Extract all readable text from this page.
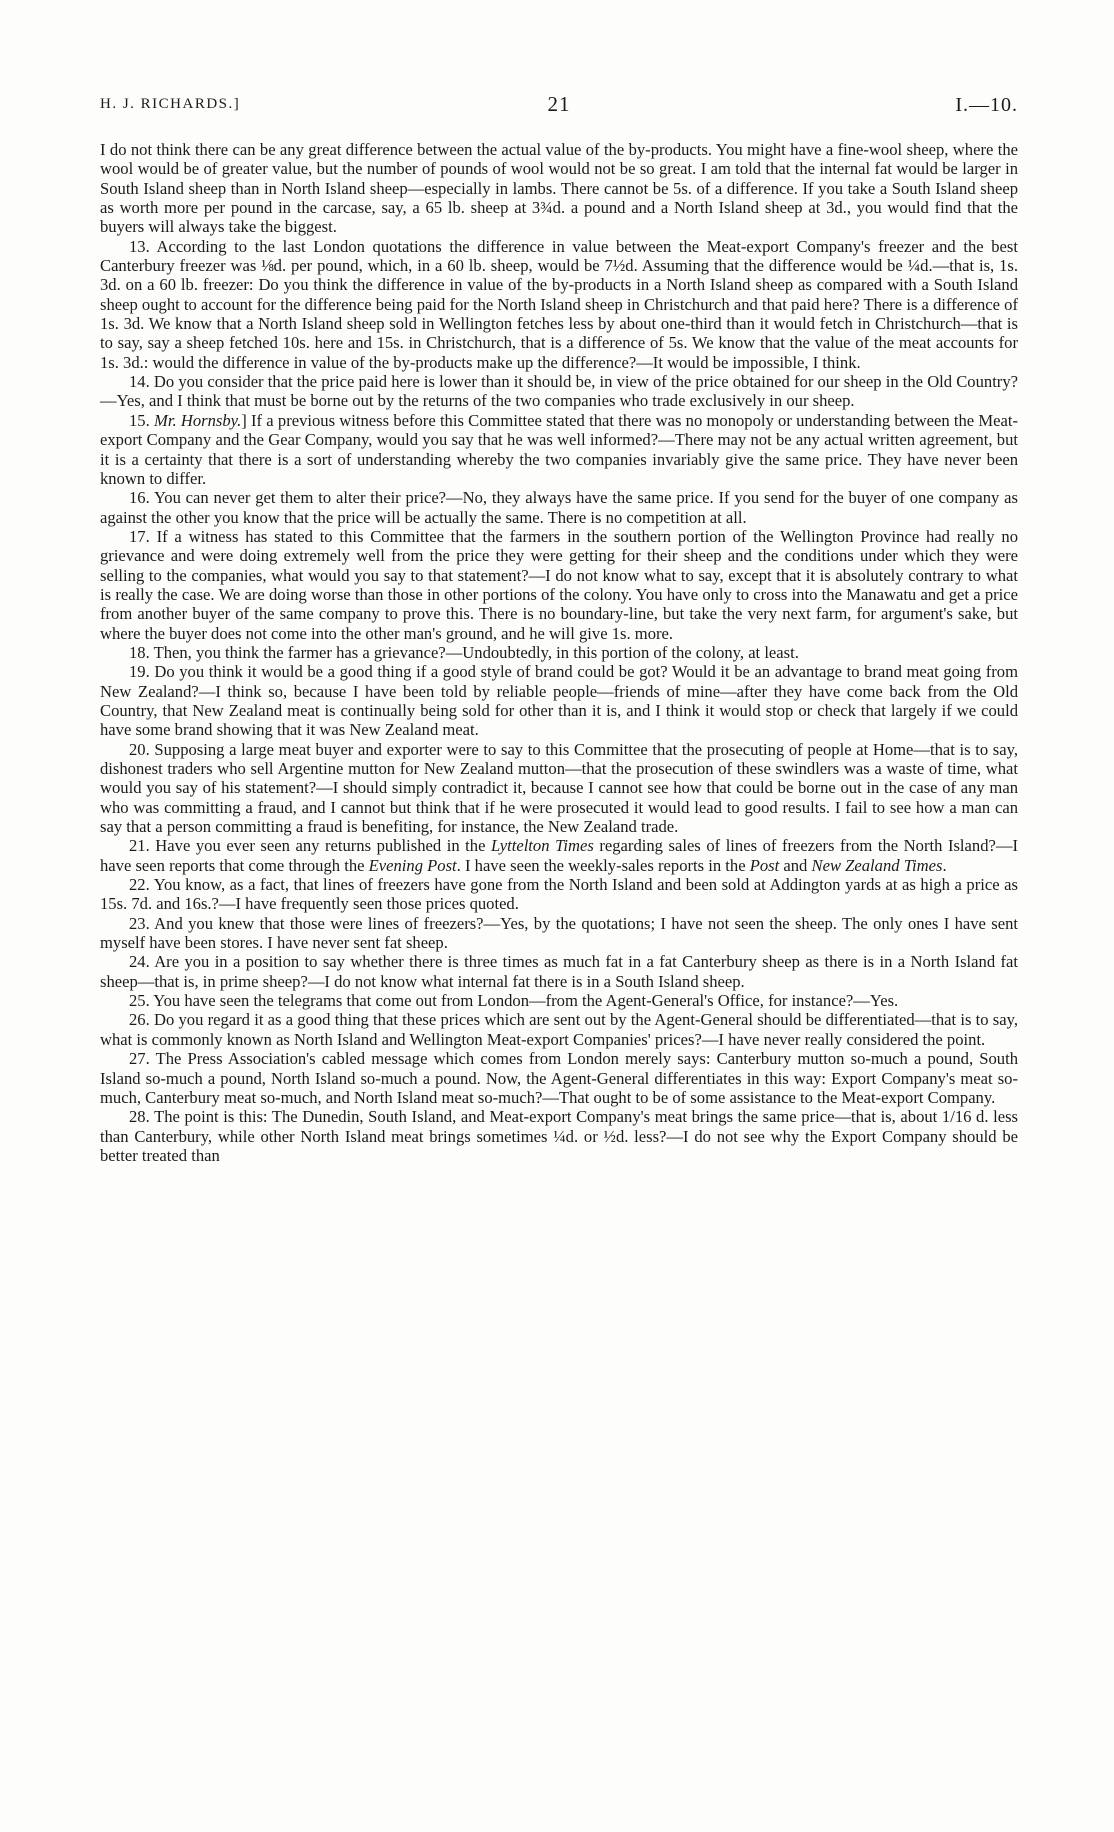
H. J. RICHARDS.]	21	I.—10.

I do not think there can be any great difference between the actual value of the by-products. You might have a fine-wool sheep, where the wool would be of greater value, but the number of pounds of wool would not be so great. I am told that the internal fat would be larger in South Island sheep than in North Island sheep—especially in lambs. There cannot be 5s. of a difference. If you take a South Island sheep as worth more per pound in the carcase, say, a 65 lb. sheep at 3¾d. a pound and a North Island sheep at 3d., you would find that the buyers will always take the biggest.

13. According to the last London quotations the difference in value between the Meat-export Company's freezer and the best Canterbury freezer was ⅛d. per pound, which, in a 60 lb. sheep, would be 7½d. Assuming that the difference would be ¼d.—that is, 1s. 3d. on a 60 lb. freezer: Do you think the difference in value of the by-products in a North Island sheep as compared with a South Island sheep ought to account for the difference being paid for the North Island sheep in Christchurch and that paid here? There is a difference of 1s. 3d. We know that a North Island sheep sold in Wellington fetches less by about one-third than it would fetch in Christchurch—that is to say, say a sheep fetched 10s. here and 15s. in Christchurch, that is a difference of 5s. We know that the value of the meat accounts for 1s. 3d.: would the difference in value of the by-products make up the difference?—It would be impossible, I think.

14. Do you consider that the price paid here is lower than it should be, in view of the price obtained for our sheep in the Old Country?—Yes, and I think that must be borne out by the returns of the two companies who trade exclusively in our sheep.

15. Mr. Hornsby.] If a previous witness before this Committee stated that there was no monopoly or understanding between the Meat-export Company and the Gear Company, would you say that he was well informed?—There may not be any actual written agreement, but it is a certainty that there is a sort of understanding whereby the two companies invariably give the same price. They have never been known to differ.

16. You can never get them to alter their price?—No, they always have the same price. If you send for the buyer of one company as against the other you know that the price will be actually the same. There is no competition at all.

17. If a witness has stated to this Committee that the farmers in the southern portion of the Wellington Province had really no grievance and were doing extremely well from the price they were getting for their sheep and the conditions under which they were selling to the companies, what would you say to that statement?—I do not know what to say, except that it is absolutely contrary to what is really the case. We are doing worse than those in other portions of the colony. You have only to cross into the Manawatu and get a price from another buyer of the same company to prove this. There is no boundary-line, but take the very next farm, for argument's sake, but where the buyer does not come into the other man's ground, and he will give 1s. more.

18. Then, you think the farmer has a grievance?—Undoubtedly, in this portion of the colony, at least.

19. Do you think it would be a good thing if a good style of brand could be got? Would it be an advantage to brand meat going from New Zealand?—I think so, because I have been told by reliable people—friends of mine—after they have come back from the Old Country, that New Zealand meat is continually being sold for other than it is, and I think it would stop or check that largely if we could have some brand showing that it was New Zealand meat.

20. Supposing a large meat buyer and exporter were to say to this Committee that the prosecuting of people at Home—that is to say, dishonest traders who sell Argentine mutton for New Zealand mutton—that the prosecution of these swindlers was a waste of time, what would you say of his statement?—I should simply contradict it, because I cannot see how that could be borne out in the case of any man who was committing a fraud, and I cannot but think that if he were prosecuted it would lead to good results. I fail to see how a man can say that a person committing a fraud is benefiting, for instance, the New Zealand trade.

21. Have you ever seen any returns published in the Lyttelton Times regarding sales of lines of freezers from the North Island?—I have seen reports that come through the Evening Post. I have seen the weekly-sales reports in the Post and New Zealand Times.

22. You know, as a fact, that lines of freezers have gone from the North Island and been sold at Addington yards at as high a price as 15s. 7d. and 16s.?—I have frequently seen those prices quoted.

23. And you knew that those were lines of freezers?—Yes, by the quotations; I have not seen the sheep. The only ones I have sent myself have been stores. I have never sent fat sheep.

24. Are you in a position to say whether there is three times as much fat in a fat Canterbury sheep as there is in a North Island fat sheep—that is, in prime sheep?—I do not know what internal fat there is in a South Island sheep.

25. You have seen the telegrams that come out from London—from the Agent-General's Office, for instance?—Yes.

26. Do you regard it as a good thing that these prices which are sent out by the Agent-General should be differentiated—that is to say, what is commonly known as North Island and Wellington Meat-export Companies' prices?—I have never really considered the point.

27. The Press Association's cabled message which comes from London merely says: Canterbury mutton so-much a pound, South Island so-much a pound, North Island so-much a pound. Now, the Agent-General differentiates in this way: Export Company's meat so-much, Canterbury meat so-much, and North Island meat so-much?—That ought to be of some assistance to the Meat-export Company.

28. The point is this: The Dunedin, South Island, and Meat-export Company's meat brings the same price—that is, about 1/16 d. less than Canterbury, while other North Island meat brings sometimes ¼d. or ½d. less?—I do not see why the Export Company should be better treated than
